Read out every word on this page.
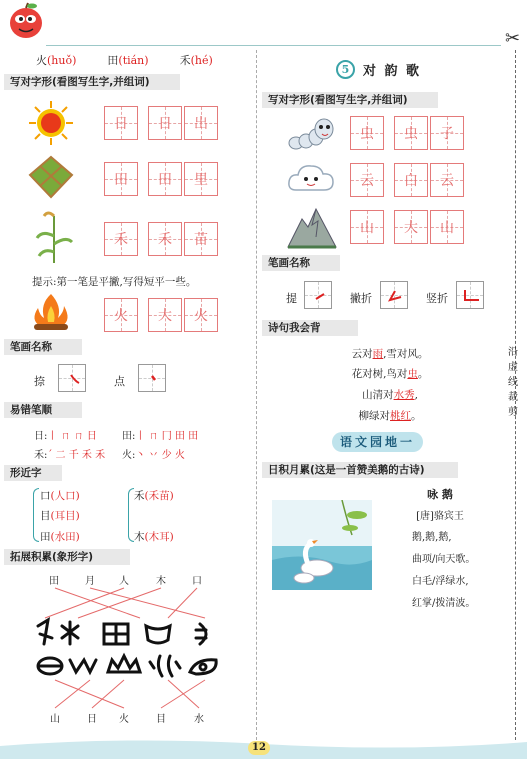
✂
沿虚线裁剪
火(huǒ)	田(tián)	禾(hé)
写对字形(看图写生字,并组词)
日	日	出
田	田	里
禾	禾	苗
火	大	火
提示:第一笔是平撇,写得短平一些。
笔画名称
捺	点
易错笔顺
日:丨 ㄇ ㄇ 日	田:丨 ㄇ 冂 田 田
禾:ˊ 二 千 禾 禾 火:丶 丷 少 火
形近字
口(人口)
目(耳目)
田(水田)
禾(禾苗)
木(木耳)
拓展积累(象形字)
田	月 人	木	口
山	日 火	目	水
5	对 韵 歌
写对字形(看图写生字,并组词)
虫	虫	子
云	白	云
山	大	山
笔画名称
提	撇折	竖折
诗句我会背
云对雨,雪对风。
花对树,鸟对虫。
山清对水秀,
柳绿对桃红。
语文园地一
日积月累(这是一首赞美鹅的古诗)
咏 鹅
[唐]骆宾王
鹅,鹅,鹅,
曲项/向天歌。
白毛/浮绿水,
红掌/拨清波。
12
